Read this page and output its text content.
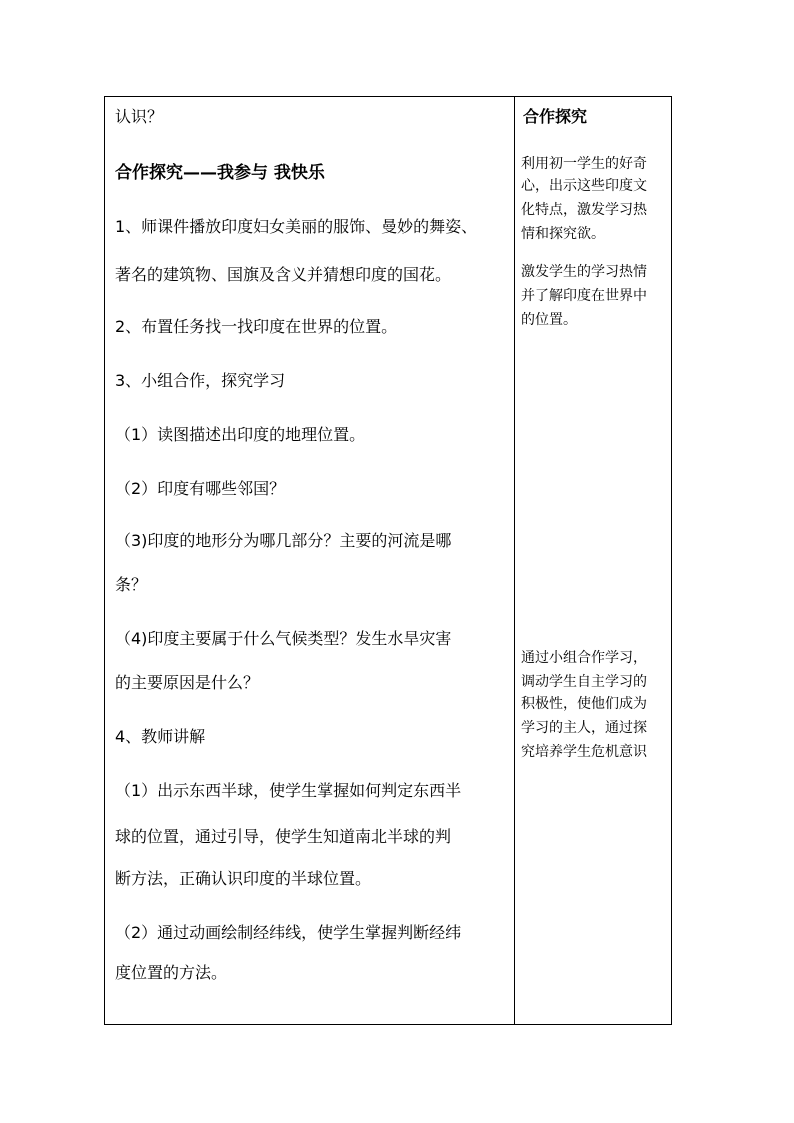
认识？
合作探究——我参与 我快乐
1、师课件播放印度妇女美丽的服饰、曼妙的舞姿、
著名的建筑物、国旗及含义并猜想印度的国花。
2、布置任务找一找印度在世界的位置。
3、小组合作，探究学习
（1）读图描述出印度的地理位置。
（2）印度有哪些邻国？
（3)印度的地形分为哪几部分？主要的河流是哪
条？
（4)印度主要属于什么气候类型？发生水旱灾害
的主要原因是什么？
4、教师讲解
（1）出示东西半球，使学生掌握如何判定东西半
球的位置，通过引导，使学生知道南北半球的判
断方法，正确认识印度的半球位置。
（2）通过动画绘制经纬线，使学生掌握判断经纬
度位置的方法。
合作探究
利用初一学生的好奇
心，出示这些印度文
化特点，激发学习热
情和探究欲。
激发学生的学习热情
并了解印度在世界中
的位置。
通过小组合作学习，
调动学生自主学习的
积极性，使他们成为
学习的主人，通过探
究培养学生危机意识
